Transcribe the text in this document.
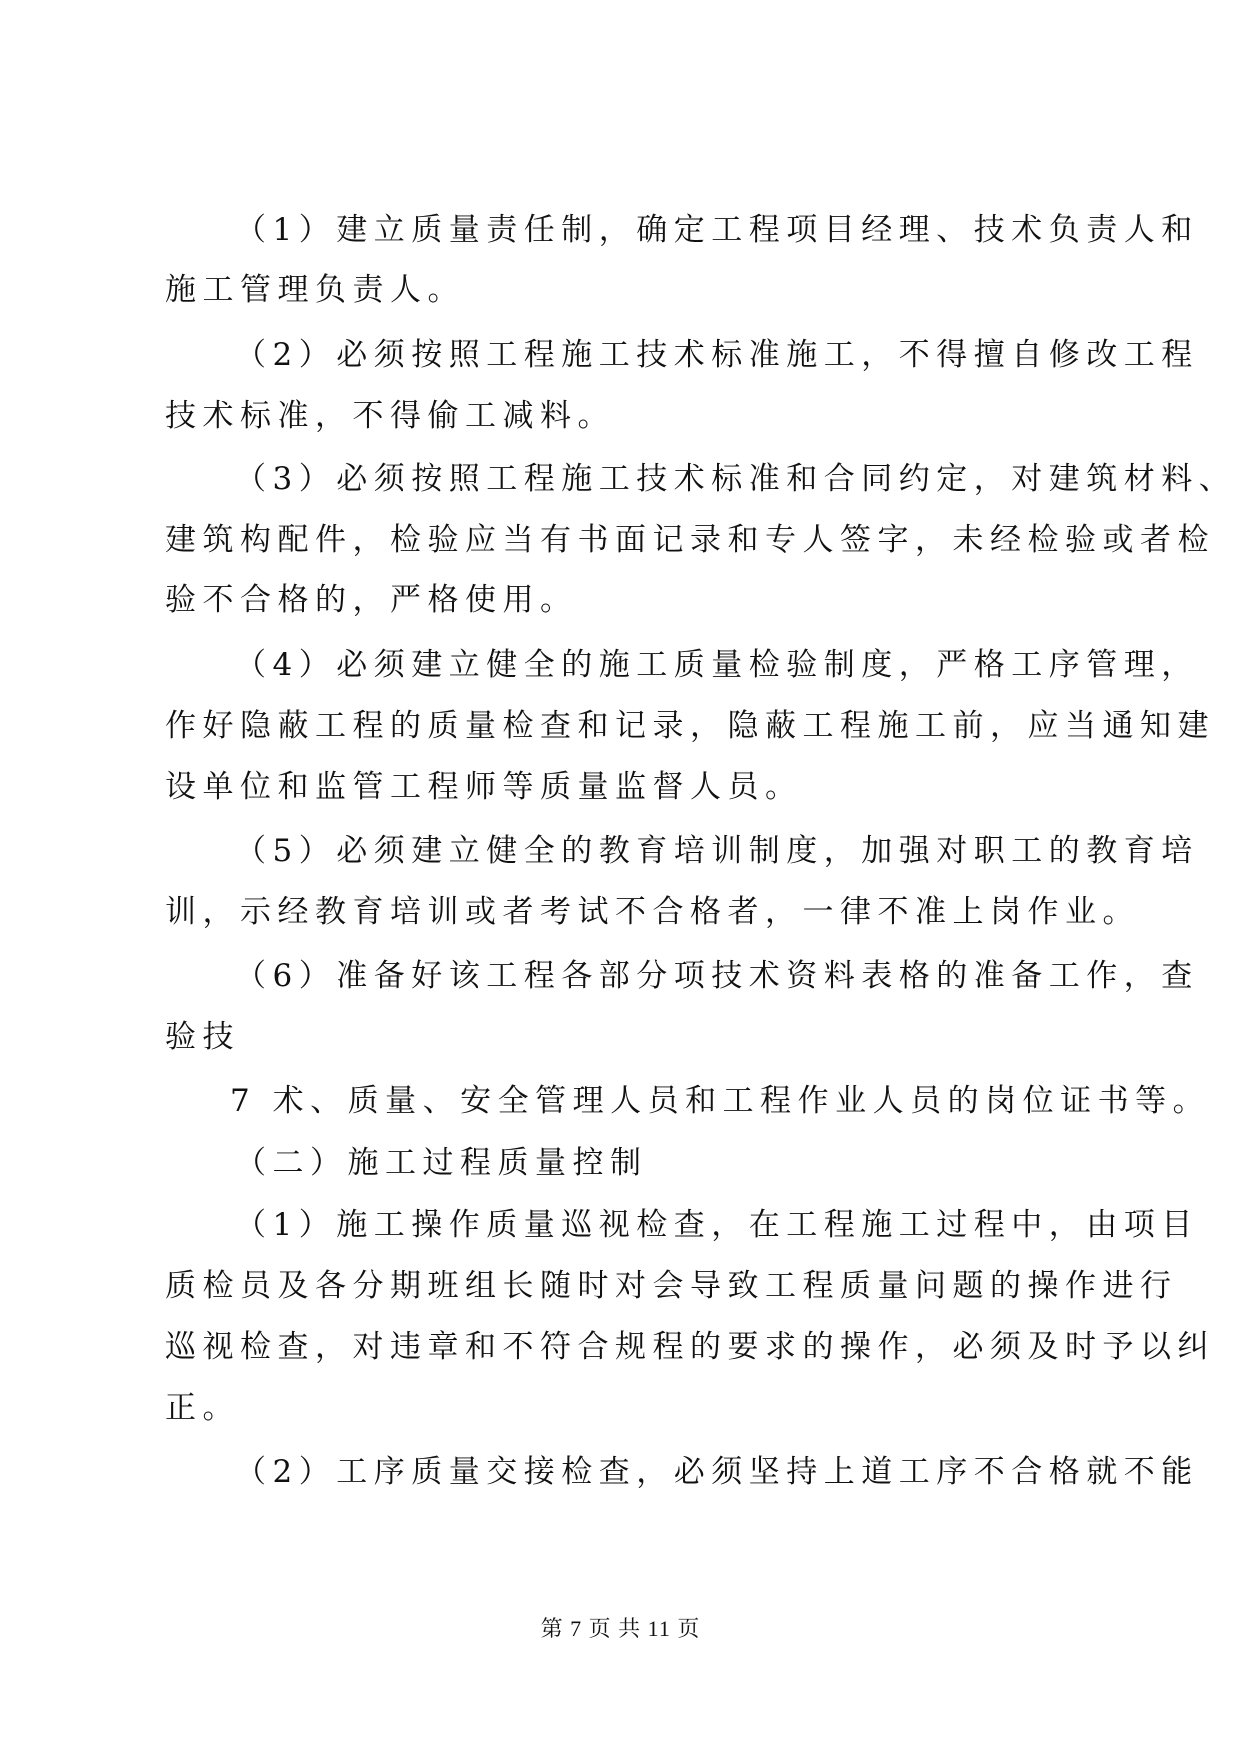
（1）建立质量责任制，确定工程项目经理、技术负责人和
施工管理负责人。
（2）必须按照工程施工技术标准施工，不得擅自修改工程
技术标准，不得偷工减料。
（3）必须按照工程施工技术标准和合同约定，对建筑材料、
建筑构配件，检验应当有书面记录和专人签字，未经检验或者检
验不合格的，严格使用。
（4）必须建立健全的施工质量检验制度，严格工序管理，
作好隐蔽工程的质量检查和记录，隐蔽工程施工前，应当通知建
设单位和监管工程师等质量监督人员。
（5）必须建立健全的教育培训制度，加强对职工的教育培
训，示经教育培训或者考试不合格者，一律不准上岗作业。
（6）准备好该工程各部分项技术资料表格的准备工作，查
验技
7 术、质量、安全管理人员和工程作业人员的岗位证书等。
（二）施工过程质量控制
（1）施工操作质量巡视检查，在工程施工过程中，由项目
质检员及各分期班组长随时对会导致工程质量问题的操作进行
巡视检查，对违章和不符合规程的要求的操作，必须及时予以纠
正。
（2）工序质量交接检查，必须坚持上道工序不合格就不能
第 7 页 共 11 页
